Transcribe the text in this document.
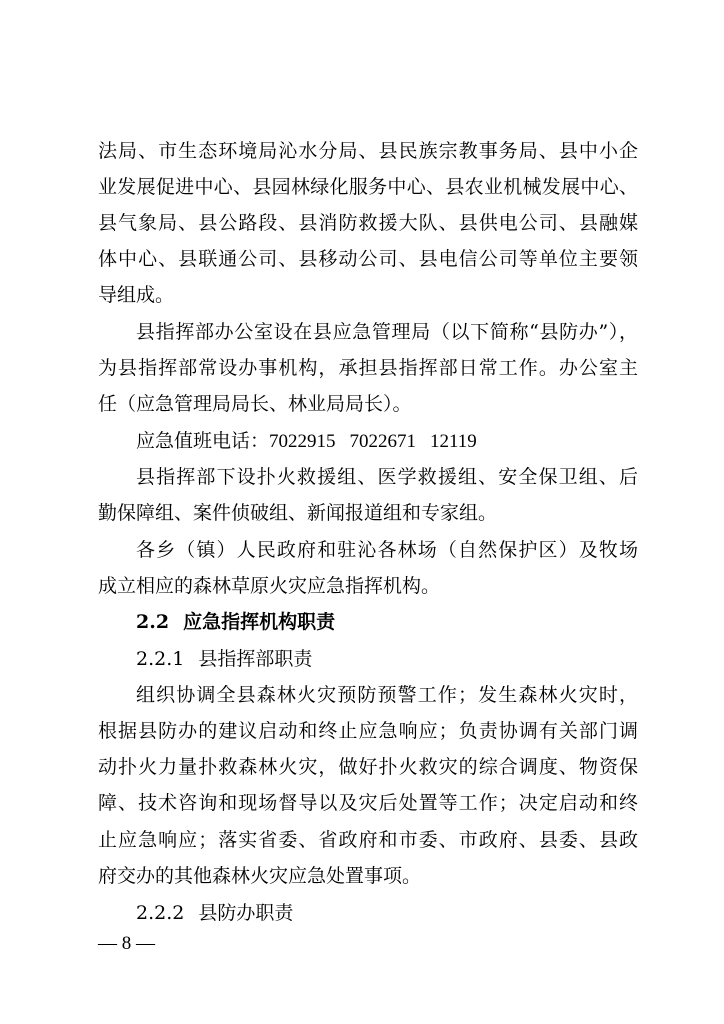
法局、市生态环境局沁水分局、县民族宗教事务局、县中小企

业发展促进中心、县园林绿化服务中心、县农业机械发展中心、

县气象局、县公路段、县消防救援大队、县供电公司、县融媒

体中心、县联通公司、县移动公司、县电信公司等单位主要领

导组成。

县指挥部办公室设在县应急管理局（以下简称“县防办”），

为县指挥部常设办事机构，承担县指挥部日常工作。办公室主

任（应急管理局局长、林业局局长）。

应急值班电话：7022915 7022671 12119

县指挥部下设扑火救援组、医学救援组、安全保卫组、后

勤保障组、案件侦破组、新闻报道组和专家组。

各乡（镇）人民政府和驻沁各林场（自然保护区）及牧场

成立相应的森林草原火灾应急指挥机构。

2.2 应急指挥机构职责

2.2.1 县指挥部职责

组织协调全县森林火灾预防预警工作；发生森林火灾时，

根据县防办的建议启动和终止应急响应；负责协调有关部门调

动扑火力量扑救森林火灾，做好扑火救灾的综合调度、物资保

障、技术咨询和现场督导以及灾后处置等工作；决定启动和终

止应急响应；落实省委、省政府和市委、市政府、县委、县政

府交办的其他森林火灾应急处置事项。

2.2.2 县防办职责

— 8 —
